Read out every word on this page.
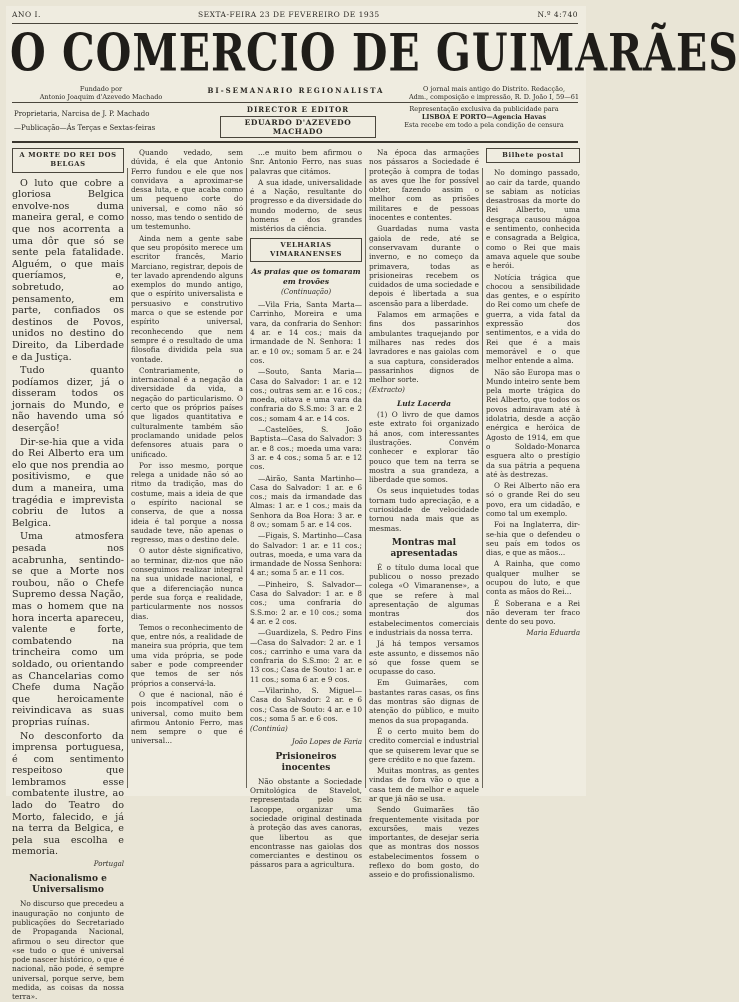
ANO I.	SEXTA-FEIRA 23 DE FEVEREIRO DE 1935	N.º 4:740
O COMERCIO DE GUIMARÃES
Fundado por
Antonio Joaquim d'Azevedo Machado
BI-SEMANARIO REGIONALISTA	O jornal mais antigo do Distrito. Redacção,
Adm., composição e impressão, R. D. João I, 59—61
Proprietaria, Narcisa de J. P. Machado
—Publicação—Ás Terças e Sextas-feiras
DIRECTOR E EDITOR
EDUARDO D'AZEVEDO MACHADO
Representação exclusiva da publicidade para
LISBOA E PORTO—Agencia Havas
Esta recebe em todo a pela condição de censura
A MORTE DO REI DOS BELGAS

O luto que cobre a gloriosa Belgica envolve-nos duma maneira geral, e como que nos acorrenta a uma dôr que só se sente pela fatalidade. Alguém, o que mais queríamos, e, sobretudo, ao pensamento, em parte, confiados os destinos de Povos, unidos no destino do Direito, da Liberdade e da Justiça.

Tudo quanto podíamos dizer, já o disseram todos os jornais do Mundo, e não havendo uma só deserção!

Dir-se-hia que a vida do Rei Alberto era um elo que nos prendia ao positivismo, e que dum a maneira, uma tragédia e imprevista cobriu de lutos a Belgica.

Uma atmosfera pesada nos acabrunha, sentindo-se que a Morte nos roubou, não o Chefe Supremo dessa Nação, mas o homem que na hora incerta apareceu, valente e forte, combatendo na trincheira como um soldado, ou orientando as Chancelarias como Chefe duma Nação que heroicamente reivindicava as suas proprias ruínas.

No desconforto da imprensa portuguesa, é com sentimento respeitoso que lembramos esse combatente ilustre, ao lado do Teatro do Morto, falecido, e já na terra da Belgica, e pela sua escolha e memoria.

Portugal
Nacionalismo e Universalismo

No discurso que precedeu a inauguração no conjunto de publicações do Secretariado de Propaganda Nacional, afirmou o seu director que «se tudo o que é universal pode nascer histórico, o que é nacional, não pode, é sempre universal, porque serve, bem medida, as coisas da nossa terra».

Quando vedado, sem dúvida, é ela que Antonio Ferro fundou e ele que nos convidava a aproximar-se dessa luta, e que acaba como um pequeno corte do universal, e como não só nosso, mas tendo o sentido de um testemunho.

Ainda nem a gente sabe que seu propósito merece um escritor francês, Mario Marciano, registrar, depois de ter lavado aprendendo alguns exemplos do mundo antigo, que o espírito universalista e persuasivo e construtivo marca o que se estende por espírito universal, reconhecendo que nem sempre é o resultado de uma filosofia dividida pela sua vontade.

Contrariamente, o internacional é a negação da diversidade da vida, a negação do particularismo. O certo que os próprios países que ligados quantitativa e culturalmente também são proclamando unidade pelos defensores atuais para o unificado.

Por isso mesmo, porque relega a unidade não só ao ritmo da tradição, mas do costume, mais a ideia de que o espírito nacional se conserva, de que a nossa ideia é tal porque a nossa saudade teve, não apenas o regresso, mas o destino dele.

O autor dêste significativo, ao terminar, diz-nos que não conseguimos realizar integral na sua unidade nacional, e que a diferenciação nunca perde sua força e realidade, particularmente nos nossos dias.

Temos o reconhecimento de que, entre nós, a realidade de maneira sua própria, que tem uma vida própria, se pode saber e pode compreender que temos de ser nós próprios a conservá-la.

O que é nacional, não é pois incompatível com o universal, como muito bem afirmou Antonio Ferro, mas nem sempre o que é universal...

...e muito bem afirmou o Snr. Antonio Ferro, nas suas palavras que citámos.

A sua idade, universalidade é a Nação, resultante do progresso e da diversidade do mundo moderno, de seus homens e dos grandes mistérios da ciência.

VELHARIAS VIMARANENSES
As praias que os tomaram em trovões
(Continuação)

—Vila Fria, Santa Marta— Carrinho, Moreira e uma vara, da confraria do Senhor: 4 ar. e 14 cos.; mais da irmandade de N. Senhora: 1 ar. e 10 ov.; somam 5 ar. e 24 cos.

—Souto, Santa Maria—Casa do Salvador: 1 ar. e 12 cos.; outras sem ar. e 16 cos.; moeda, oitava e uma vara da confraria do S.S.mo: 3 ar. e 2 cos.; somam 4 ar. e 14 cos.

—Castelões, S. João Baptista—Casa do Salvador: 3 ar. e 8 cos.; moeda uma vara: 3 ar. e 4 cos.; soma 5 ar. e 12 cos.

—Airão, Santa Martinho— Casa do Salvador: 1 ar. e 6 cos.; mais da irmandade das Almas: 1 ar. e 1 cos.; mais da Senhora da Boa Hora: 3 ar. e 8 ov.; somam 5 ar. e 14 cos.

—Figais, S. Martinho—Casa do Salvador: 1 ar. e 11 cos.; outras, moeda, e uma vara da irmandade de Nossa Senhora: 4 ar.; soma 5 ar. e 11 cos.

—Pinheiro, S. Salvador—Casa do Salvador: 1 ar. e 8 cos.; uma confraria do S.S.mo: 2 ar. e 10 cos.; soma 4 ar. e 2 cos.

—Guardizela, S. Pedro Fins —Casa do Salvador: 2 ar. e 1 cos.; carrinho e uma vara da confraria do S.S.mo: 2 ar. e 13 cos.; Casa de Souto: 1 ar. e 11 cos.; soma 6 ar. e 9 cos.

—Vilarinho, S. Miguel—Casa do Salvador: 2 ar. e 6 cos.; Casa de Souto: 4 ar. e 10 cos.; soma 5 ar. e 6 cos.

(Continúa)
João Lopes de Faria
Prisioneiros inocentes

Não obstante a Sociedade Ornitológica de Stavelot, representada pelo Sr. Lacoppe, organizar uma sociedade original destinada à proteção das aves canoras, que libertou as que encontrasse nas gaiolas dos comerciantes e destinou os pássaros para a agricultura.

Na época das armações nos pássaros a Sociedade é proteção à compra de todas as aves que lhe for possível obter, fazendo assim o melhor com as prisões militares e de pessoas inocentes e contentes.

Guardadas numa vasta gaiola de rede, até se conservavam durante o inverno, e no começo da primavera, todas as prisioneiras recebem os cuidados de uma sociedade e depois é libertada a sua ascensão para a liberdade.

Falamos em armações e fins dos passarinhos ambulantes traquejando por milhares nas redes dos lavradores e nas gaiolas com a sua captura, considerados passarinhos dignos de melhor sorte.

(Extracto)
Luiz Lacerda

(1) O livro de que damos este extrato foi organizado há anos, com interessantes ilustrações. Convém conhecer e explorar tão pouco que tem na terra se mostra a sua grandeza, a liberdade que somos.

Os seus inquietudes todas tornam tudo apreciação, e a curiosidade de velocidade tornou nada mais que as mesmas.

Montras mal apresentadas

É o título duma local que publicou o nosso prezado colega «O Vimaranense», a que se refere à mal apresentação de algumas montras dos estabelecimentos comerciais e industriais da nossa terra.

Já há tempos versamos este assunto, e dissemos não só que fosse quem se ocupasse do caso.

Em Guimarães, com bastantes raras casas, os fins das montras são dignas de atenção do público, e muito menos da sua propaganda.

É o certo muito bem do credito comercial e industrial que se quiserem levar que se gere crédito e no que fazem.

Muitas montras, as gentes vindas de fora vão o que a casa tem de melhor e aquele ar que já não se usa.

Sendo Guimarães tão frequentemente visitada por excursões, mais vezes importantes, de desejar seria que as montras dos nossos estabelecimentos fossem o reflexo do bom gosto, do asseio e do profissionalismo.

Bilhete postal

No domingo passado, ao cair da tarde, quando se sabiam as notícias desastrosas da morte do Rei Alberto, uma desgraça causou mágoa e sentimento, conhecida e consagrada a Belgica, como o Rei que mais amava aquele que soube e herói.

Notícia trágica que chocou a sensibilidade das gentes, e o espírito do Rei como um chefe de guerra, a vida fatal da expressão dos sentimentos, e a vida do Rei que é a mais memorável e o que melhor entende a alma.

Não são Europa mas o Mundo inteiro sente bem pela morte trágica do Rei Alberto, que todos os povos admiravam até à idolatria, desde a acção enérgica e heróica de Agosto de 1914, em que o Soldado-Monarca esguera alto o prestígio da sua pátria a pequena até às destrezas.

O Rei Alberto não era só o grande Rei do seu povo, era um cidadão, e como tal um exemplo.

Foi na Inglaterra, dir-se-hia que o defendeu o seu país em todos os dias, e que as mãos...

A Rainha, que como qualquer mulher se ocupou do luto, e que conta as mãos do Rei...

É Soberana e a Rei não deveram ter fraco dente do seu povo.

Maria Eduarda
